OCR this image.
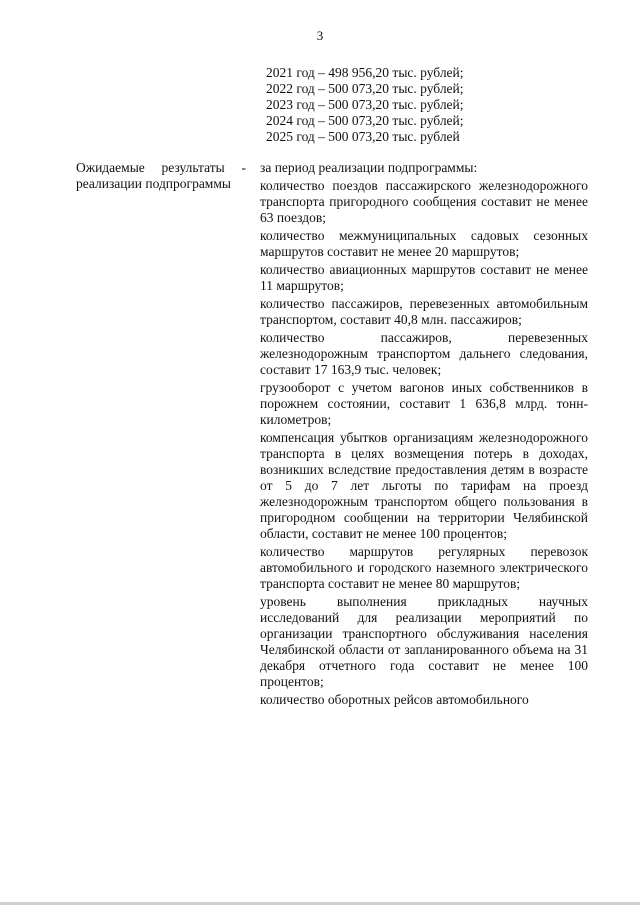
3
2021 год – 498 956,20 тыс. рублей;
2022 год – 500 073,20 тыс. рублей;
2023 год – 500 073,20 тыс. рублей;
2024 год – 500 073,20 тыс. рублей;
2025 год – 500 073,20 тыс. рублей
Ожидаемые результаты -
реализации подпрограммы
за период реализации подпрограммы:
количество поездов пассажирского железнодорожного транспорта пригородного сообщения составит не менее 63 поездов;
количество межмуниципальных садовых сезонных маршрутов составит не менее 20 маршрутов;
количество авиационных маршрутов составит не менее 11 маршрутов;
количество пассажиров, перевезенных автомобильным транспортом, составит 40,8 млн. пассажиров;
количество пассажиров, перевезенных железнодорожным транспортом дальнего следования, составит 17 163,9 тыс. человек;
грузооборот с учетом вагонов иных собственников в порожнем состоянии, составит 1 636,8 млрд. тонн-километров;
компенсация убытков организациям железнодорожного транспорта в целях возмещения потерь в доходах, возникших вследствие предоставления детям в возрасте от 5 до 7 лет льготы по тарифам на проезд железнодорожным транспортом общего пользования в пригородном сообщении на территории Челябинской области, составит не менее 100 процентов;
количество маршрутов регулярных перевозок автомобильного и городского наземного электрического транспорта составит не менее 80 маршрутов;
уровень выполнения прикладных научных исследований для реализации мероприятий по организации транспортного обслуживания населения Челябинской области от запланированного объема на 31 декабря отчетного года составит не менее 100 процентов;
количество оборотных рейсов автомобильного
